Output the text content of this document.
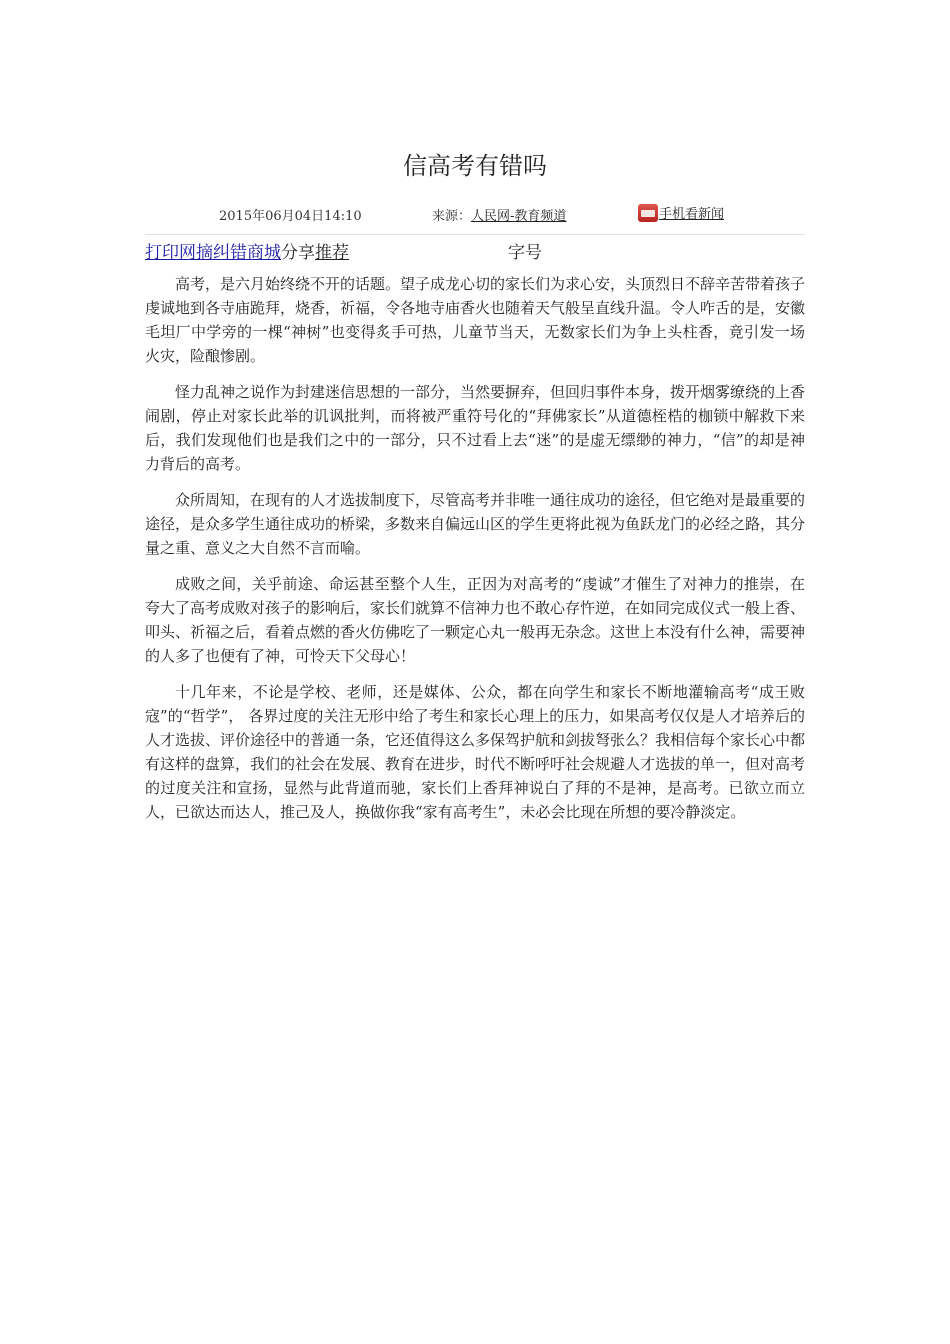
信高考有错吗
2015年06月04日14:10	来源：人民网-教育频道	手机看新闻
打印网摘纠错商城分享推荐	字号

高考，是六月始终绕不开的话题。望子成龙心切的家长们为求心安，头顶烈日不辞辛苦带着孩子虔诚地到各寺庙跪拜，烧香，祈福，令各地寺庙香火也随着天气般呈直线升温。令人咋舌的是，安徽毛坦厂中学旁的一棵“神树”也变得炙手可热，儿童节当天，无数家长们为争上头柱香，竟引发一场火灾，险酿惨剧。

怪力乱神之说作为封建迷信思想的一部分，当然要摒弃，但回归事件本身，拨开烟雾缭绕的上香闹剧，停止对家长此举的讥讽批判，而将被严重符号化的“拜佛家长”从道德桎梏的枷锁中解救下来后，我们发现他们也是我们之中的一部分，只不过看上去“迷”的是虚无缥缈的神力，“信”的却是神力背后的高考。

众所周知，在现有的人才选拔制度下，尽管高考并非唯一通往成功的途径，但它绝对是最重要的途径，是众多学生通往成功的桥梁，多数来自偏远山区的学生更将此视为鱼跃龙门的必经之路，其分量之重、意义之大自然不言而喻。

成败之间，关乎前途、命运甚至整个人生，正因为对高考的“虔诚”才催生了对神力的推崇，在夸大了高考成败对孩子的影响后，家长们就算不信神力也不敢心存忤逆，在如同完成仪式一般上香、叩头、祈福之后，看着点燃的香火仿佛吃了一颗定心丸一般再无杂念。这世上本没有什么神，需要神的人多了也便有了神，可怜天下父母心！

十几年来，不论是学校、老师，还是媒体、公众，都在向学生和家长不断地灌输高考“成王败寇”的“哲学”， 各界过度的关注无形中给了考生和家长心理上的压力，如果高考仅仅是人才培养后的人才选拔、评价途径中的普通一条，它还值得这么多保驾护航和剑拔弩张么？我相信每个家长心中都有这样的盘算，我们的社会在发展、教育在进步，时代不断呼吁社会规避人才选拔的单一，但对高考的过度关注和宣扬，显然与此背道而驰，家长们上香拜神说白了拜的不是神，是高考。已欲立而立人，已欲达而达人，推己及人，换做你我“家有高考生”，未必会比现在所想的要冷静淡定。
